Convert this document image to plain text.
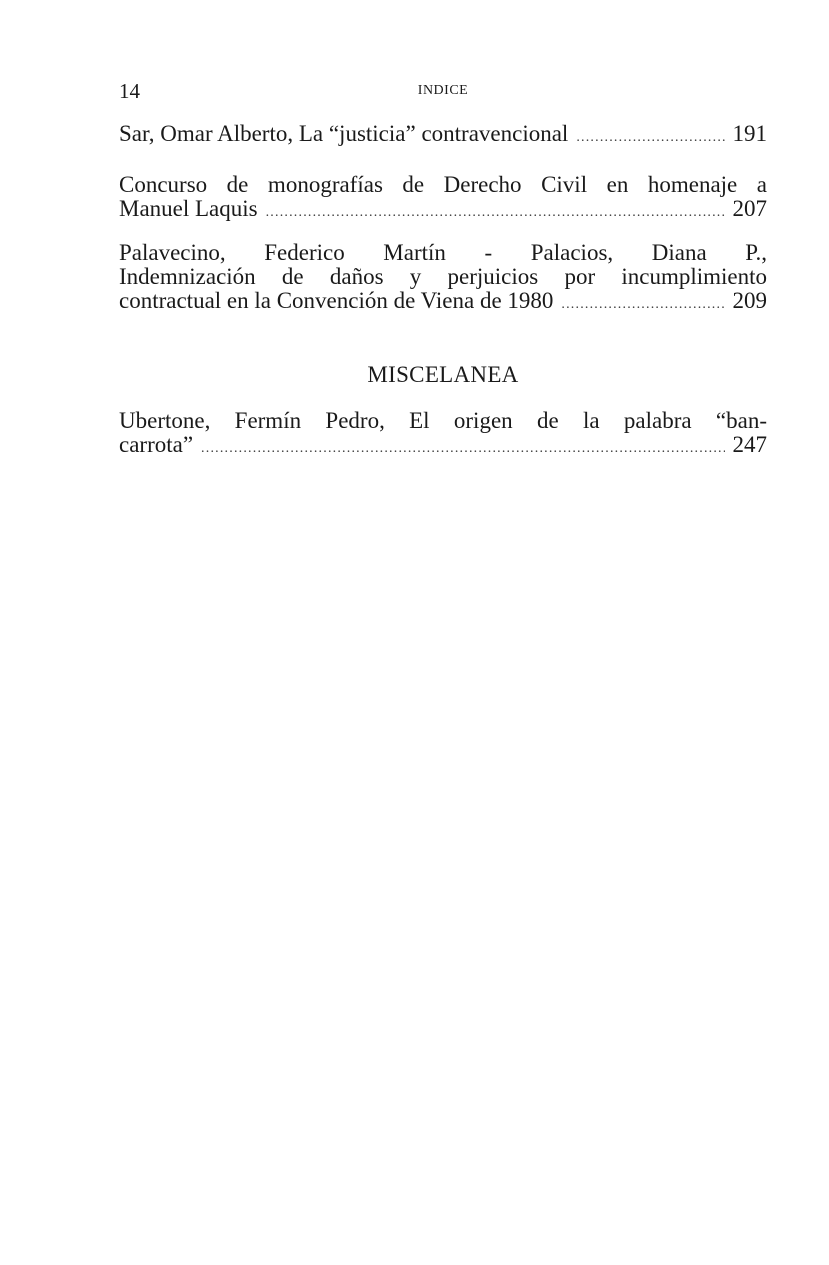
14	INDICE
Sar, Omar Alberto, La “justicia” contravencional .....	191
Concurso de monografías de Derecho Civil en homenaje a
Manuel Laquis .....	207
Palavecino, Federico Martín - Palacios, Diana P.,
Indemnización de daños y perjuicios por incumplimiento
contractual en la Convención de Viena de 1980 .....	209
MISCELANEA
Ubertone, Fermín Pedro, El origen de la palabra “ban-
carrota” .....	247
